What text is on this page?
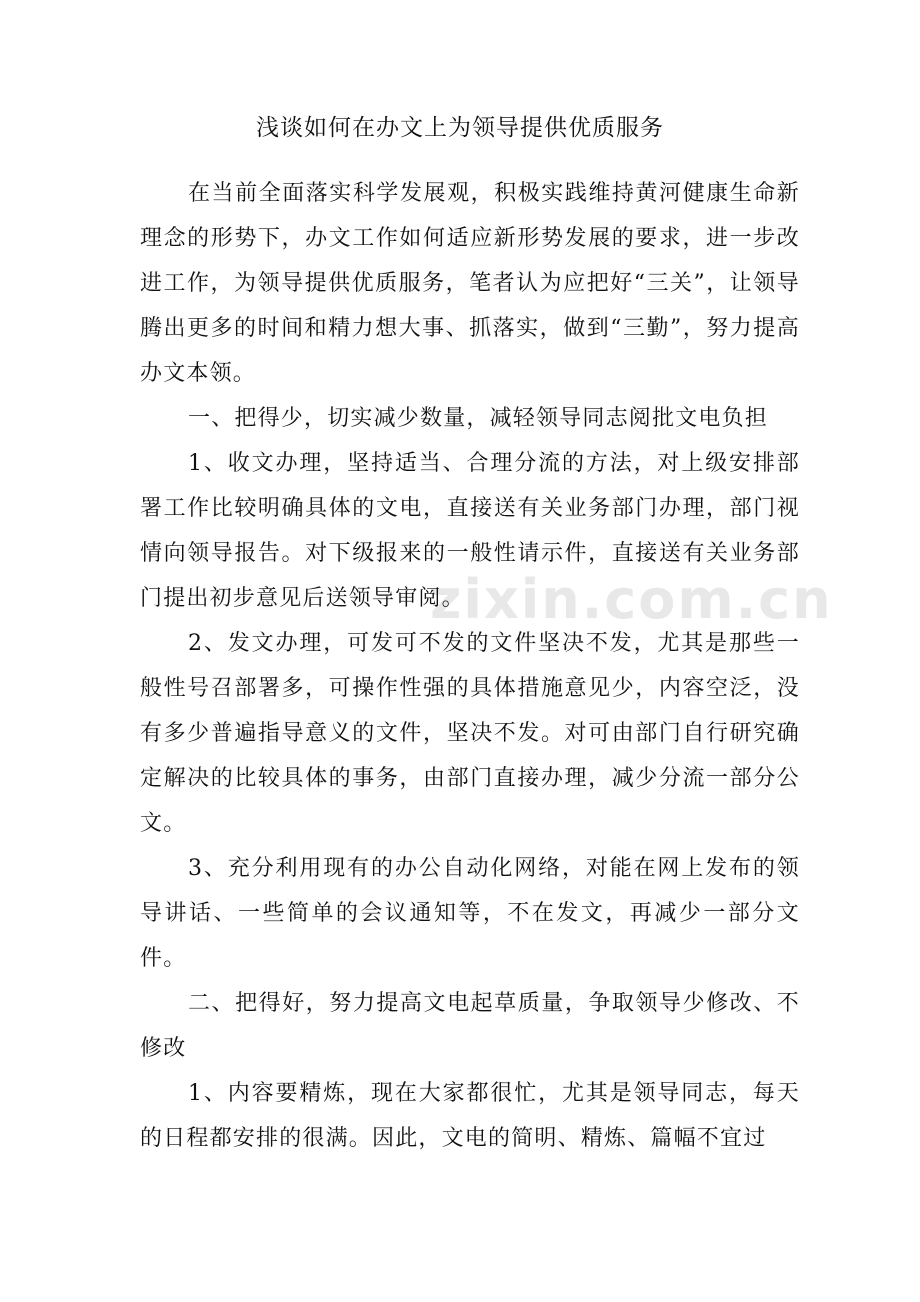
zixin.com.cn
浅谈如何在办文上为领导提供优质服务

在当前全面落实科学发展观，积极实践维持黄河健康生命新理念的形势下，办文工作如何适应新形势发展的要求，进一步改进工作，为领导提供优质服务，笔者认为应把好“三关”，让领导腾出更多的时间和精力想大事、抓落实，做到“三勤”，努力提高办文本领。

一、把得少，切实减少数量，减轻领导同志阅批文电负担

1、收文办理，坚持适当、合理分流的方法，对上级安排部署工作比较明确具体的文电，直接送有关业务部门办理，部门视情向领导报告。对下级报来的一般性请示件，直接送有关业务部门提出初步意见后送领导审阅。

2、发文办理，可发可不发的文件坚决不发，尤其是那些一般性号召部署多，可操作性强的具体措施意见少，内容空泛，没有多少普遍指导意义的文件，坚决不发。对可由部门自行研究确定解决的比较具体的事务，由部门直接办理，减少分流一部分公文。

3、充分利用现有的办公自动化网络，对能在网上发布的领导讲话、一些简单的会议通知等，不在发文，再减少一部分文件。

二、把得好，努力提高文电起草质量，争取领导少修改、不修改

1、内容要精炼，现在大家都很忙，尤其是领导同志，每天的日程都安排的很满。因此，文电的简明、精炼、篇幅不宜过
